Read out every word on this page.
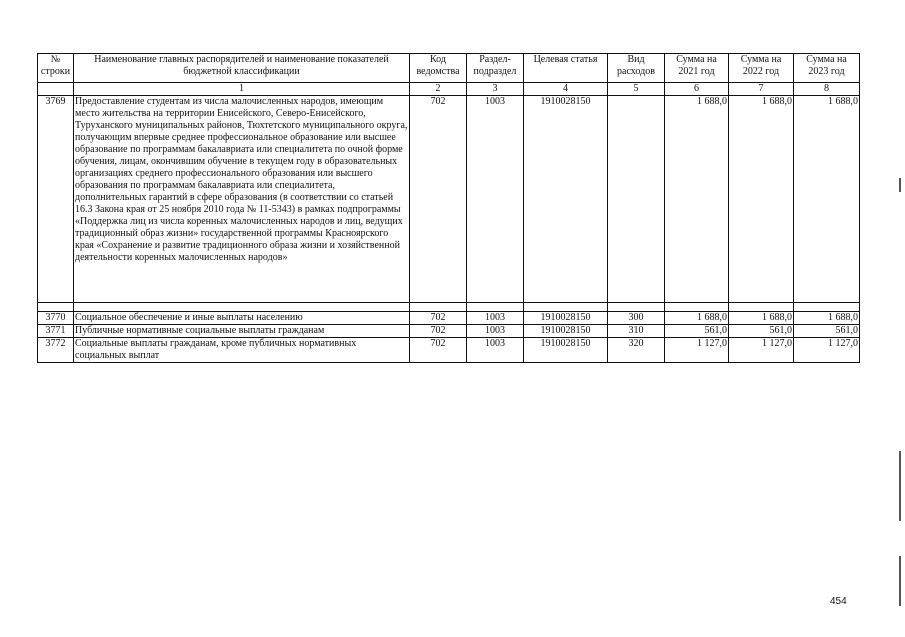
№ строки	Наименование главных распорядителей и наименование показателей бюджетной классификации	Код ведомства	Раздел-подраздел	Целевая статья	Вид расходов	Сумма на 2021 год	Сумма на 2022 год	Сумма на 2023 год
	1	2	3	4	5	6	7	8
3769	Предоставление студентам из числа малочисленных народов, имеющим место жительства на территории Енисейского, Северо-Енисейского, Туруханского муниципальных районов, Тюхтетского муниципального округа, получающим впервые среднее профессиональное образование или высшее образование по программам бакалавриата или специалитета по очной форме обучения, лицам, окончившим обучение в текущем году в образовательных организациях среднего профессионального образования или высшего образования по программам бакалавриата или специалитета, дополнительных гарантий в сфере образования (в соответствии со статьей 16.3 Закона края от 25 ноября 2010 года № 11-5343) в рамках подпрограммы «Поддержка лиц из числа коренных малочисленных народов и лиц, ведущих традиционный образ жизни» государственной программы Красноярского края «Сохранение и развитие традиционного образа жизни и хозяйственной деятельности коренных малочисленных народов»	702	1003	1910028150		1 688,0	1 688,0	1 688,0

3770	Социальное обеспечение и иные выплаты населению	702	1003	1910028150	300	1 688,0	1 688,0	1 688,0
3771	Публичные нормативные социальные выплаты гражданам	702	1003	1910028150	310	561,0	561,0	561,0
3772	Социальные выплаты гражданам, кроме публичных нормативных социальных выплат	702	1003	1910028150	320	1 127,0	1 127,0	1 127,0
454
